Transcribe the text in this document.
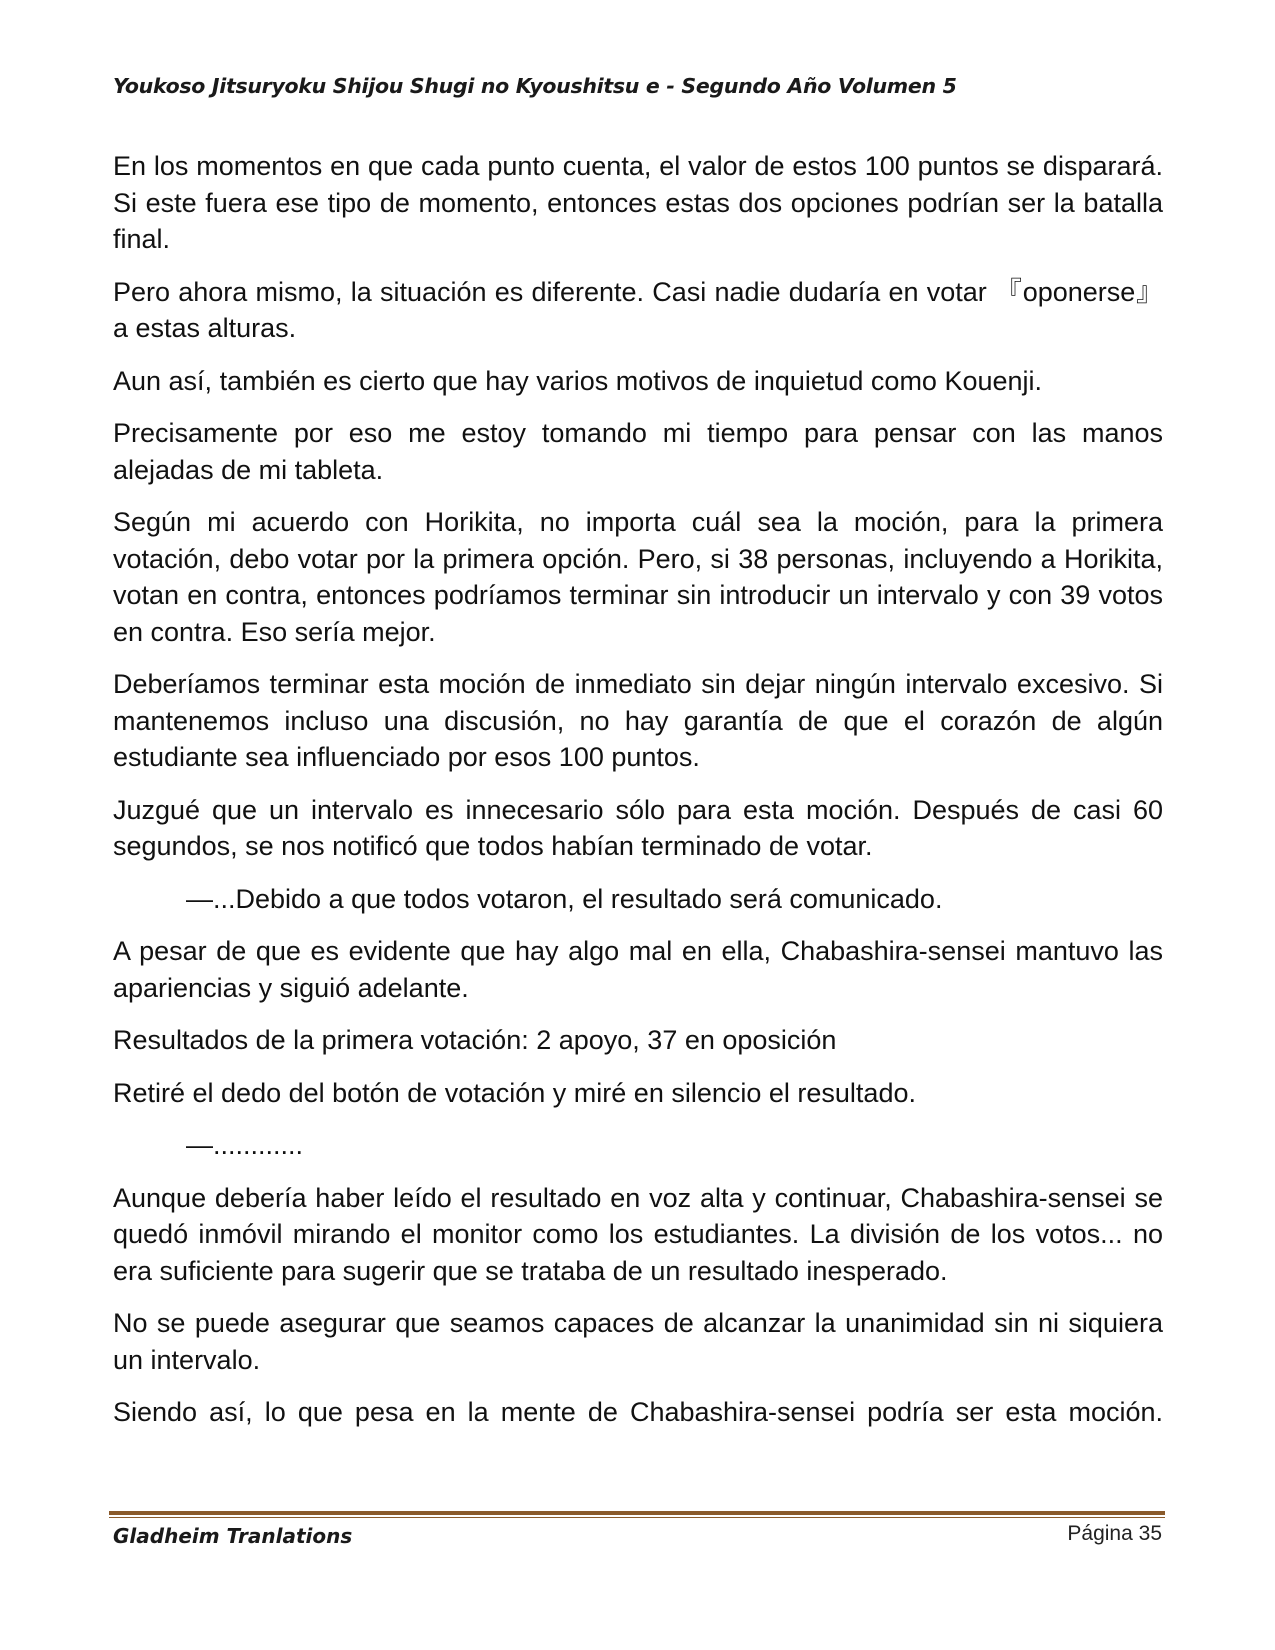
Youkoso Jitsuryoku Shijou Shugi no Kyoushitsu e - Segundo Año Volumen 5

En los momentos en que cada punto cuenta, el valor de estos 100 puntos se disparará. Si este fuera ese tipo de momento, entonces estas dos opciones podrían ser la batalla final.

Pero ahora mismo, la situación es diferente. Casi nadie dudaría en votar 『oponerse』 a estas alturas.

Aun así, también es cierto que hay varios motivos de inquietud como Kouenji.

Precisamente por eso me estoy tomando mi tiempo para pensar con las manos alejadas de mi tableta.

Según mi acuerdo con Horikita, no importa cuál sea la moción, para la primera votación, debo votar por la primera opción. Pero, si 38 personas, incluyendo a Horikita, votan en contra, entonces podríamos terminar sin introducir un intervalo y con 39 votos en contra. Eso sería mejor.

Deberíamos terminar esta moción de inmediato sin dejar ningún intervalo excesivo. Si mantenemos incluso una discusión, no hay garantía de que el corazón de algún estudiante sea influenciado por esos 100 puntos.

Juzgué que un intervalo es innecesario sólo para esta moción. Después de casi 60 segundos, se nos notificó que todos habían terminado de votar.

—...Debido a que todos votaron, el resultado será comunicado.

A pesar de que es evidente que hay algo mal en ella, Chabashira-sensei mantuvo las apariencias y siguió adelante.

Resultados de la primera votación: 2 apoyo, 37 en oposición

Retiré el dedo del botón de votación y miré en silencio el resultado.

—............

Aunque debería haber leído el resultado en voz alta y continuar, Chabashira-sensei se quedó inmóvil mirando el monitor como los estudiantes. La división de los votos... no era suficiente para sugerir que se trataba de un resultado inesperado.

No se puede asegurar que seamos capaces de alcanzar la unanimidad sin ni siquiera un intervalo.

Siendo así, lo que pesa en la mente de Chabashira-sensei podría ser esta moción.

Gladheim Tranlations	Página 35
